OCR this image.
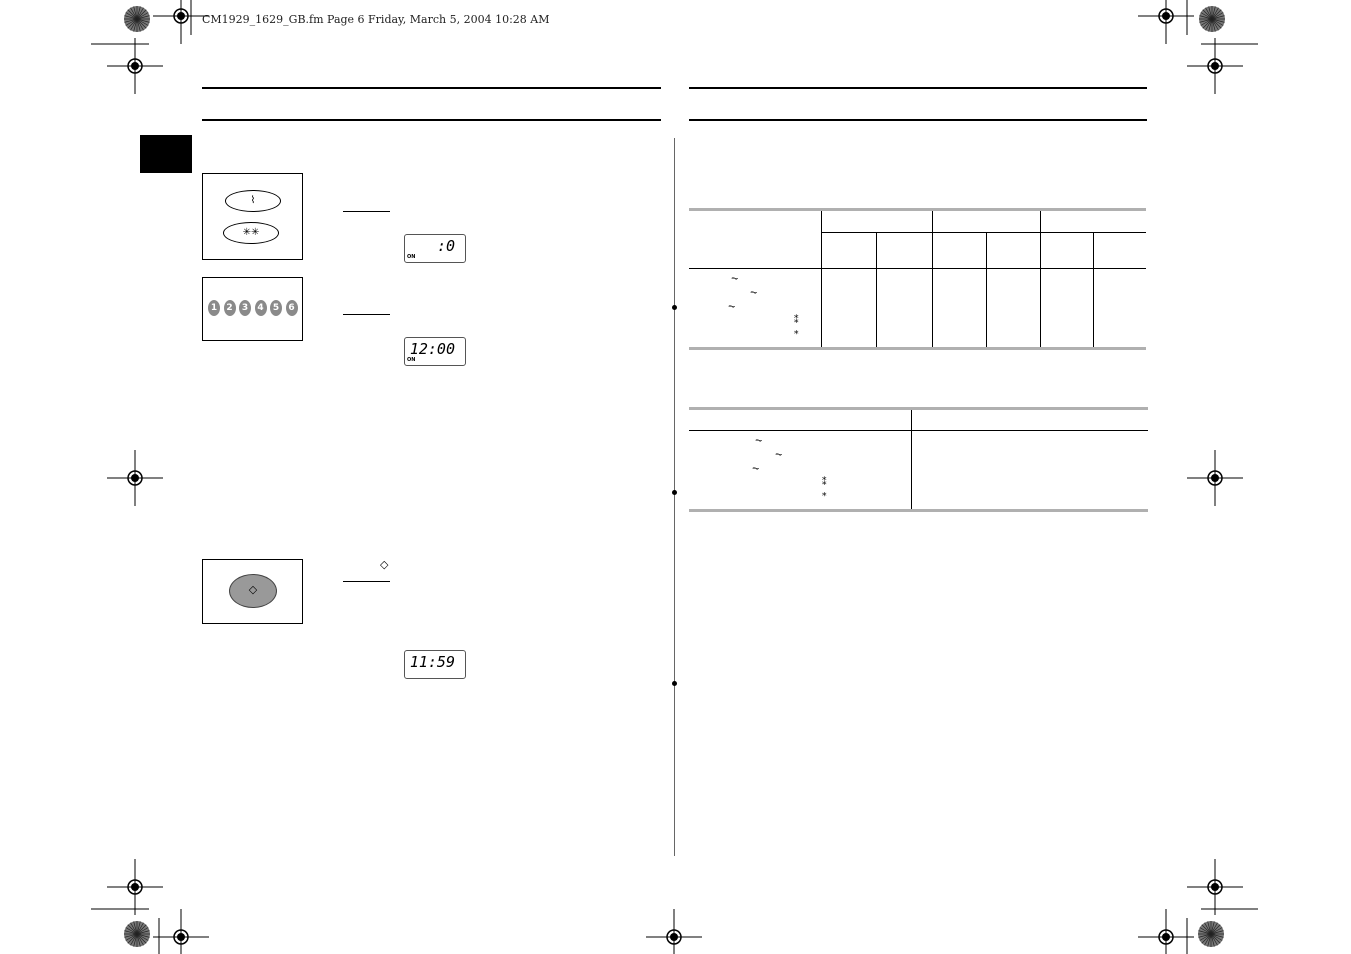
CM1929_1629_GB.fm Page 6 Friday, March 5, 2004 10:28 AM
⌇
✳✳
:0
ON
1	2	3	4	5	6
12:00
ON
◇
◇
11:59
⏦
⏦
⏦
⁑
*
⏦
⏦
⏦
⁑
*
